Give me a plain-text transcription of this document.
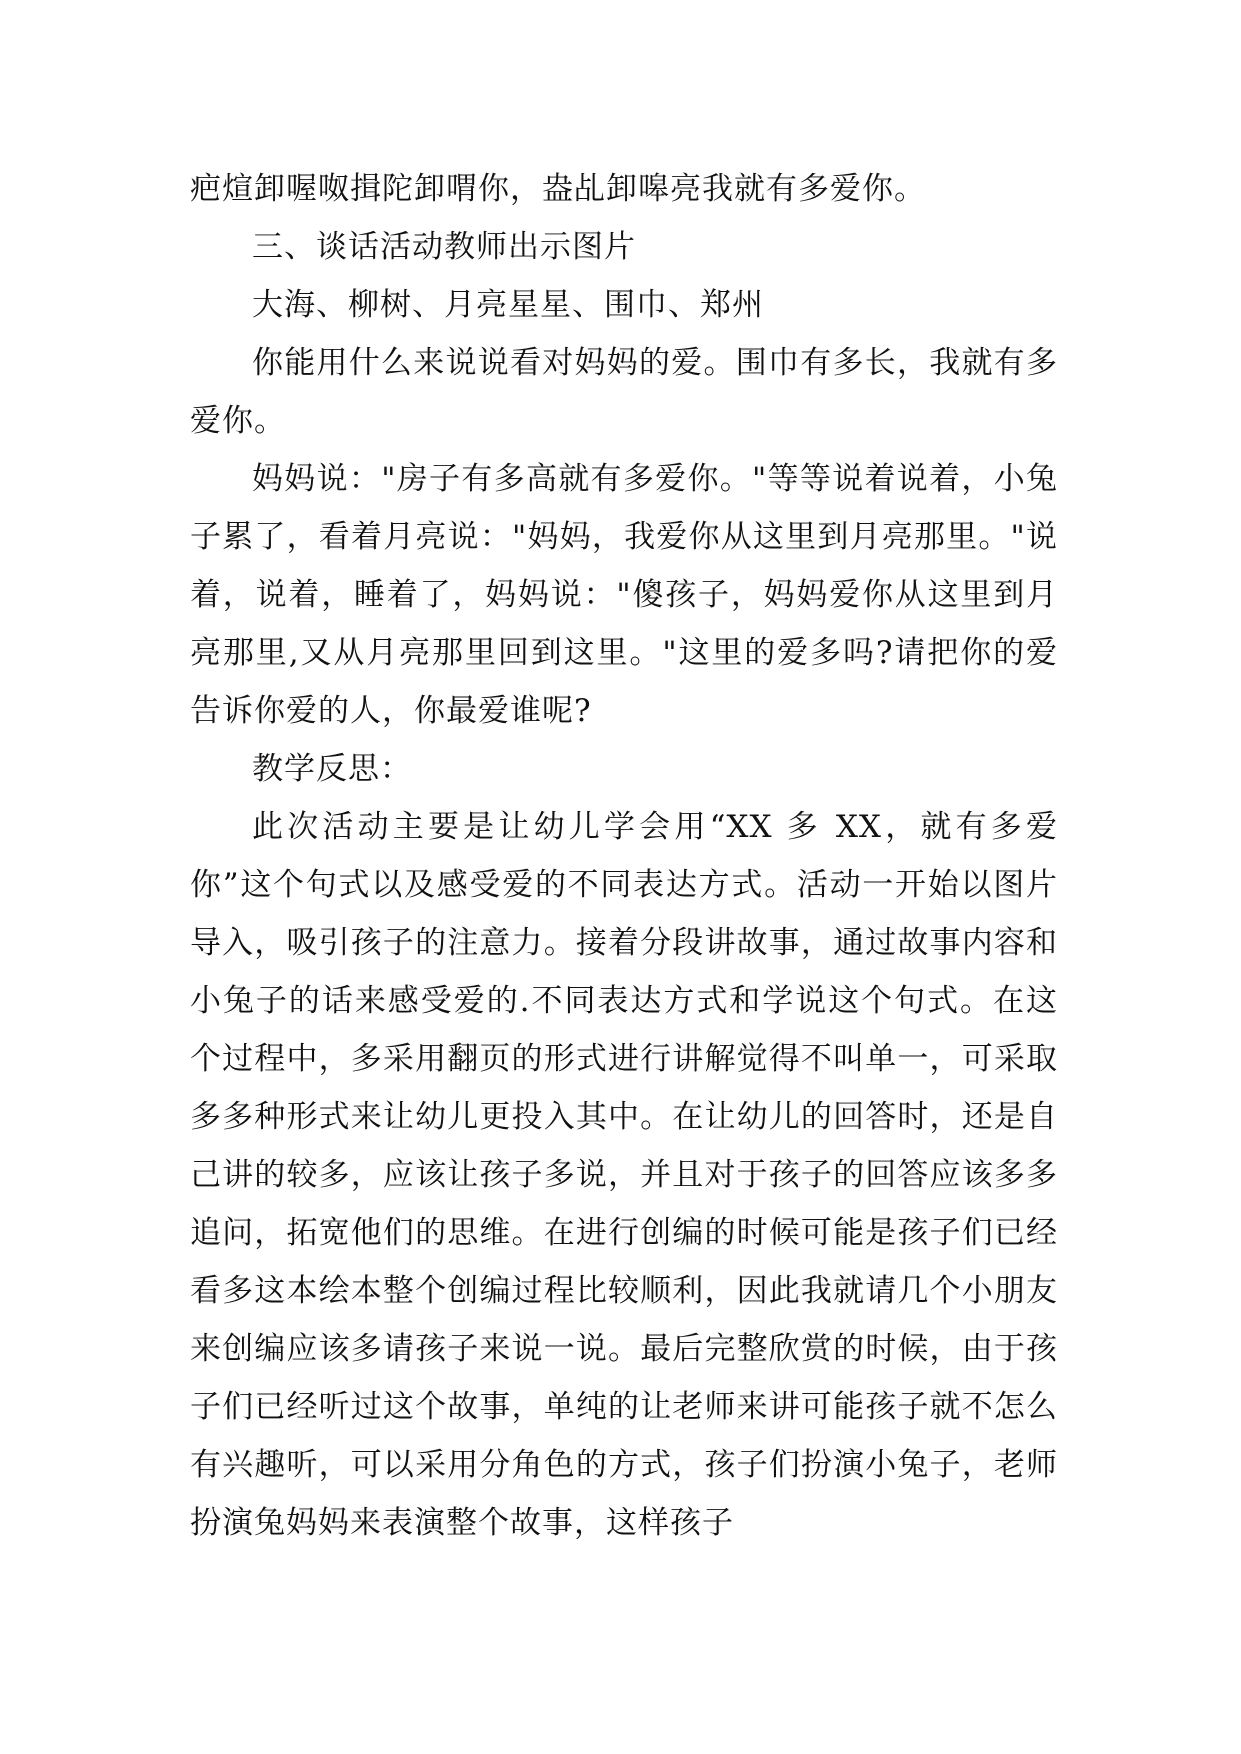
疤煊卸喔呶揖陀卸喟你，盎乩卸嗥亮我就有多爱你。

三、谈话活动教师出示图片

大海、柳树、月亮星星、围巾、郑州

你能用什么来说说看对妈妈的爱。围巾有多长，我就有多爱你。

妈妈说："房子有多高就有多爱你。"等等说着说着，小兔子累了，看着月亮说："妈妈，我爱你从这里到月亮那里。"说着，说着，睡着了，妈妈说："傻孩子，妈妈爱你从这里到月亮那里,又从月亮那里回到这里。"这里的爱多吗?请把你的爱告诉你爱的人，你最爱谁呢?

教学反思：

此次活动主要是让幼儿学会用“XX 多 XX，就有多爱你”这个句式以及感受爱的不同表达方式。活动一开始以图片导入，吸引孩子的注意力。接着分段讲故事，通过故事内容和小兔子的话来感受爱的.不同表达方式和学说这个句式。在这个过程中，多采用翻页的形式进行讲解觉得不叫单一，可采取多多种形式来让幼儿更投入其中。在让幼儿的回答时，还是自己讲的较多，应该让孩子多说，并且对于孩子的回答应该多多追问，拓宽他们的思维。在进行创编的时候可能是孩子们已经看多这本绘本整个创编过程比较顺利，因此我就请几个小朋友来创编应该多请孩子来说一说。最后完整欣赏的时候，由于孩子们已经听过这个故事，单纯的让老师来讲可能孩子就不怎么有兴趣听，可以采用分角色的方式，孩子们扮演小兔子，老师扮演兔妈妈来表演整个故事，这样孩子
